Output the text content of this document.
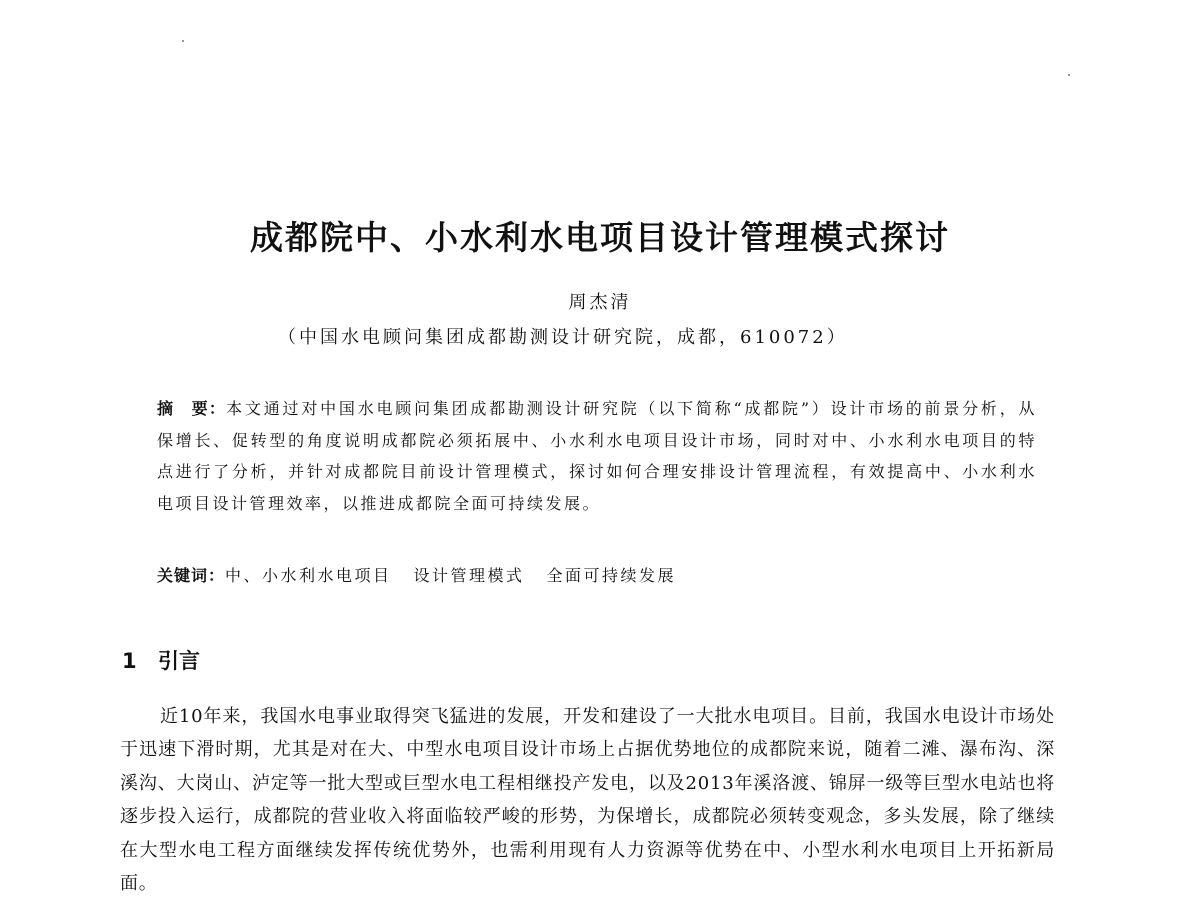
成都院中、小水利水电项目设计管理模式探讨
周杰清
（中国水电顾问集团成都勘测设计研究院，成都，610072）
摘　要：本文通过对中国水电顾问集团成都勘测设计研究院（以下简称“成都院”）设计市场的前景分析，从保增长、促转型的角度说明成都院必须拓展中、小水利水电项目设计市场，同时对中、小水利水电项目的特点进行了分析，并针对成都院目前设计管理模式，探讨如何合理安排设计管理流程，有效提高中、小水利水电项目设计管理效率，以推进成都院全面可持续发展。
关键词：中、小水利水电项目 设计管理模式 全面可持续发展
1 引言
近10年来，我国水电事业取得突飞猛进的发展，开发和建设了一大批水电项目。目前，我国水电设计市场处于迅速下滑时期，尤其是对在大、中型水电项目设计市场上占据优势地位的成都院来说，随着二滩、瀑布沟、深溪沟、大岗山、泸定等一批大型或巨型水电工程相继投产发电，以及2013年溪洛渡、锦屏一级等巨型水电站也将逐步投入运行，成都院的营业收入将面临较严峻的形势，为保增长，成都院必须转变观念，多头发展，除了继续在大型水电工程方面继续发挥传统优势外，也需利用现有人力资源等优势在中、小型水利水电项目上开拓新局面。
